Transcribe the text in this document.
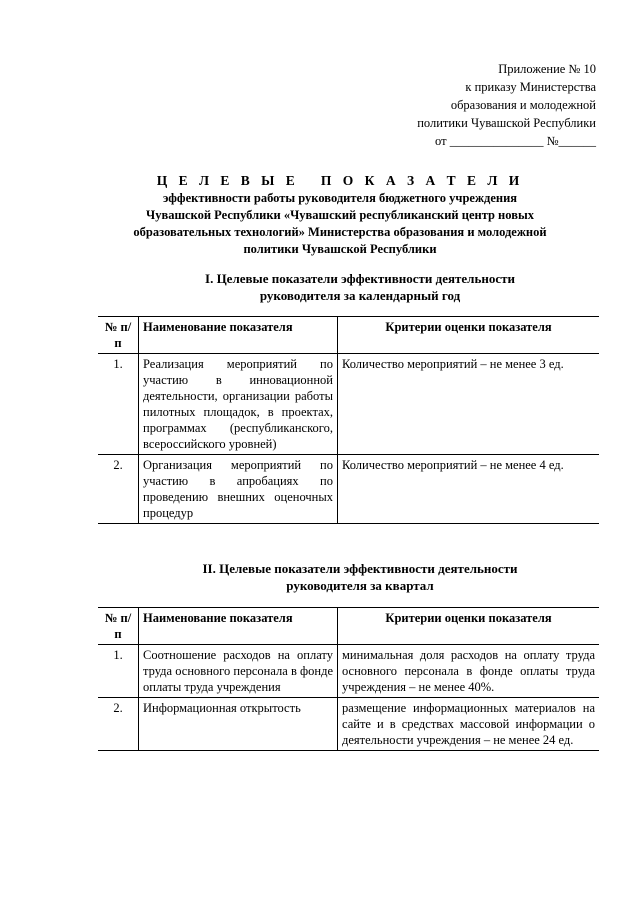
Приложение № 10
к приказу Министерства
образования и молодежной
политики Чувашской Республики
от _______________ №______
Ц Е Л Е В Ы Е   П О К А З А Т Е Л И
эффективности работы руководителя бюджетного учреждения
Чувашской Республики «Чувашский республиканский центр новых
образовательных технологий» Министерства образования и молодежной
политики Чувашской Республики
I. Целевые показатели эффективности деятельности
руководителя за календарный год
№ п/п	Наименование показателя	Критерии оценки показателя
1.	Реализация мероприятий по участию в инновационной деятельности, организации работы пилотных площадок, в проектах, программах (республиканского, всероссийского уровней)	Количество мероприятий – не менее 3 ед.
2.	Организация мероприятий по участию в апробациях по проведению внешних оценочных процедур	Количество мероприятий – не менее 4 ед.
II. Целевые показатели эффективности деятельности
руководителя за квартал
№ п/п	Наименование показателя	Критерии оценки показателя
1.	Соотношение расходов на оплату труда основного персонала в фонде оплаты труда учреждения	минимальная доля расходов на оплату труда основного персонала в фонде оплаты труда учреждения – не менее 40%.
2.	Информационная открытость	размещение информационных материалов на сайте и в средствах массовой информации о деятельности учреждения – не менее 24 ед.
